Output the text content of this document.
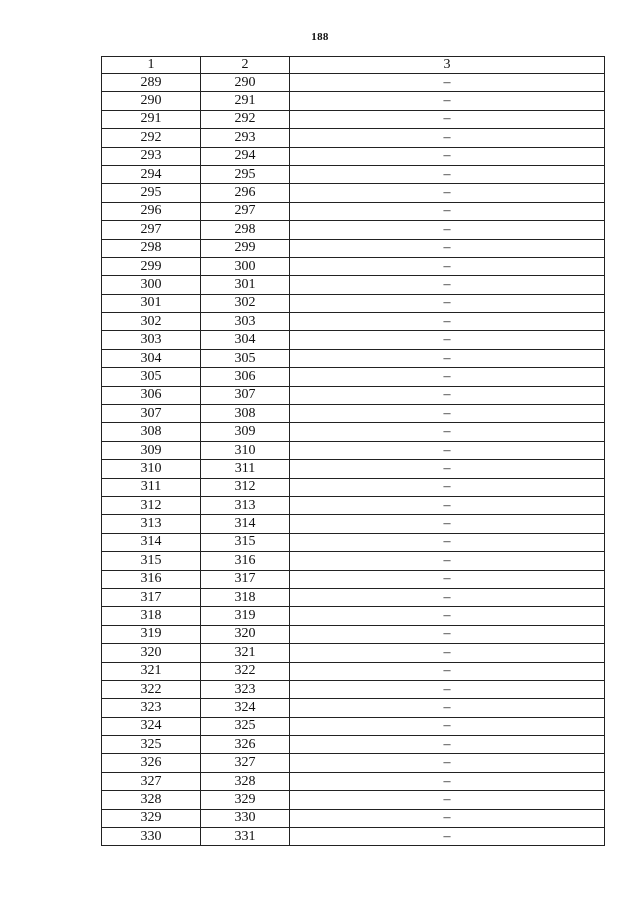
188
1	2	3
289	290	–
290	291	–
291	292	–
292	293	–
293	294	–
294	295	–
295	296	–
296	297	–
297	298	–
298	299	–
299	300	–
300	301	–
301	302	–
302	303	–
303	304	–
304	305	–
305	306	–
306	307	–
307	308	–
308	309	–
309	310	–
310	311	–
311	312	–
312	313	–
313	314	–
314	315	–
315	316	–
316	317	–
317	318	–
318	319	–
319	320	–
320	321	–
321	322	–
322	323	–
323	324	–
324	325	–
325	326	–
326	327	–
327	328	–
328	329	–
329	330	–
330	331	–
